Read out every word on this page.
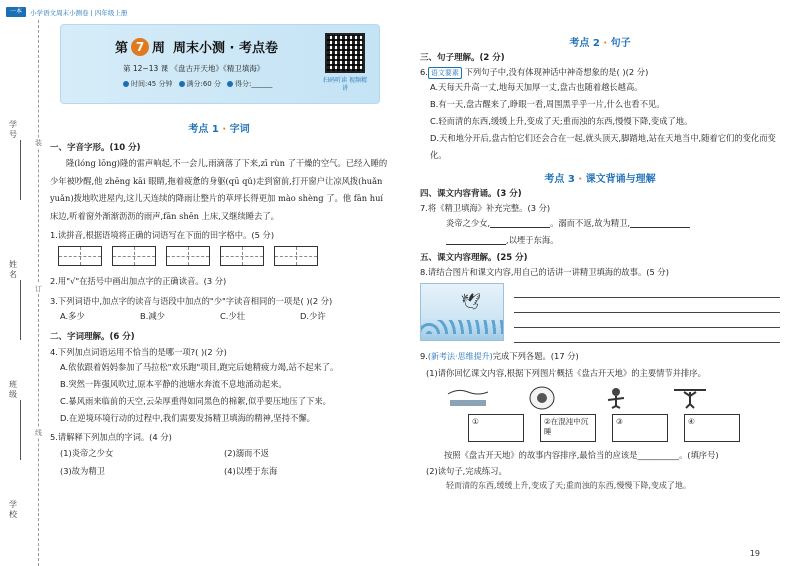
一本	小学语文周末小测卷 | 四年级上册
学号
姓名
班级
学校
装
订
线
第 7 周 周末小测 · 考点卷
第 12~13 课 《盘古开天地》《精卫填海》
时间:45 分钟	满分:60 分	得分:______	扫码听读 视频精讲
考点 1 · 字词
一、字音字形。(10 分)
隆(lóng lōng)隆的雷声响起,不一会儿,雨滴落了下来,zī rùn 了干燥的空气。已经入睡的少年被吵醒,他 zhēng kāi 眼睛,拖着疲惫的身躯(qū qǔ)走到窗前,打开窗户让凉风拨(huǎn yuǎn)拨地吹进屋内,这儿天连续的降雨让整片的草坪长得更加 mào shèng 了。他 fān huí 床边,听着窗外渐渐沥沥的雨声,fān shēn 上床,又继续睡去了。
1.读拼音,根据语境将正确的词语写在下面的田字格中。(5 分)
2.用"√"在括号中画出加点字的正确读音。(3 分)
3.下列词语中,加点字的读音与语段中加点的"少"字读音相同的一项是( )(2 分)
A.多少	B.减少	C.少壮	D.少许
二、字词理解。(6 分)
4.下列加点词语运用不恰当的是哪一项?( )(2 分)
A.依依跟着妈妈参加了马拉松"欢乐跑"项目,跑完后她精疲力竭,站不起来了。
B.突然一阵强风吹过,原本平静的池塘水奔流不息地涌动起来。
C.暴风雨来临前的天空,云朵厚重得如同黑色的棉絮,似乎要压地压了下来。
D.在逆境环境行动的过程中,我们需要发扬精卫填海的精神,坚持不懈。
5.请解释下列加点的字词。(4 分)
(1)炎帝之少女	(2)溺而不返
(3)故为精卫	(4)以堙于东海
考点 2 · 句子
三、句子理解。(2 分)
6. 语文要素 下列句子中,没有体现神话中神奇想象的是( )(2 分)
A.天每天升高一丈,地每天加厚一丈,盘古也随着越长越高。
B.有一天,盘古醒来了,睁眼一看,周围黑乎乎一片,什么也看不见。
C.轻而清的东西,缓缓上升,变成了天;重而浊的东西,慢慢下降,变成了地。
D.天和地分开后,盘古怕它们还会合在一起,就头顶天,脚踏地,站在天地当中,随着它们的变化而变化。
考点 3 · 课文背诵与理解
四、课文内容背诵。(3 分)
7.将《精卫填海》补充完整。(3 分)
炎帝之少女,	。溺而不返,故为精卫,
,以堙于东海。
五、课文内容理解。(25 分)
8.请结合图片和课文内容,用自己的话讲一讲精卫填海的故事。(5 分)
🕊
9.(新考法·思维提升)完成下列各题。(17 分)
(1)请你回忆课文内容,根据下列图片概括《盘古开天地》的主要情节并排序。
①	②在混沌中沉睡
③	④
按照《盘古开天地》的故事内容排序,最恰当的应该是__________。(填序号)
(2)读句子,完成练习。
轻而清的东西,缓缓上升,变成了天;重而浊的东西,慢慢下降,变成了地。
19
